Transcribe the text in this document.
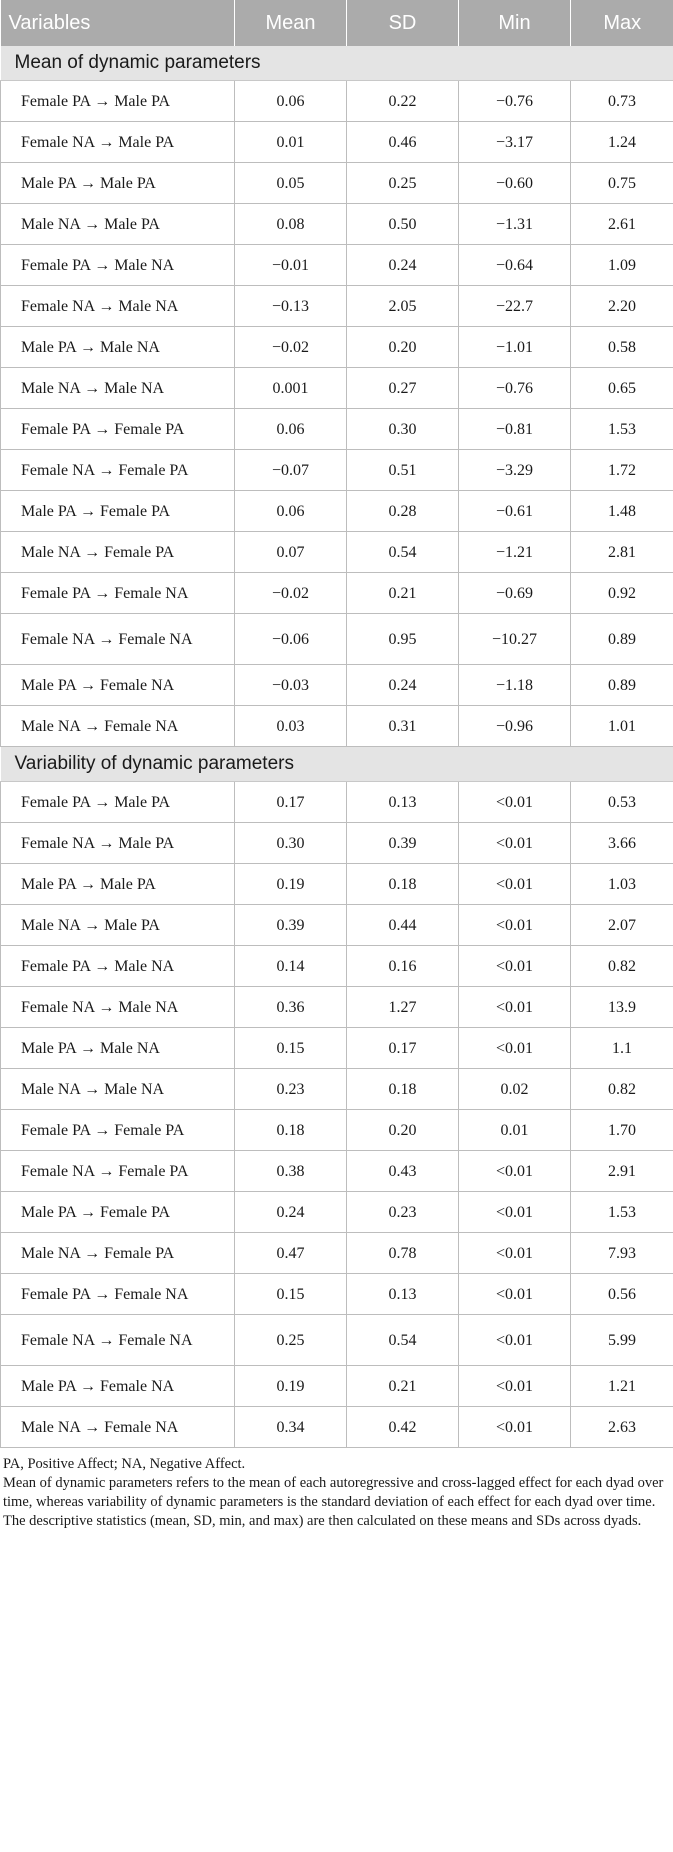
Variables	Mean	SD	Min	Max
Mean of dynamic parameters				
Female PA → Male PA	0.06	0.22	−0.76	0.73
Female NA → Male PA	0.01	0.46	−3.17	1.24
Male PA → Male PA	0.05	0.25	−0.60	0.75
Male NA → Male PA	0.08	0.50	−1.31	2.61
Female PA → Male NA	−0.01	0.24	−0.64	1.09
Female NA → Male NA	−0.13	2.05	−22.7	2.20
Male PA → Male NA	−0.02	0.20	−1.01	0.58
Male NA → Male NA	0.001	0.27	−0.76	0.65
Female PA → Female PA	0.06	0.30	−0.81	1.53
Female NA → Female PA	−0.07	0.51	−3.29	1.72
Male PA → Female PA	0.06	0.28	−0.61	1.48
Male NA → Female PA	0.07	0.54	−1.21	2.81
Female PA → Female NA	−0.02	0.21	−0.69	0.92
Female NA → Female NA	−0.06	0.95	−10.27	0.89
Male PA → Female NA	−0.03	0.24	−1.18	0.89
Male NA → Female NA	0.03	0.31	−0.96	1.01
Variability of dynamic parameters				
Female PA → Male PA	0.17	0.13	<0.01	0.53
Female NA → Male PA	0.30	0.39	<0.01	3.66
Male PA → Male PA	0.19	0.18	<0.01	1.03
Male NA → Male PA	0.39	0.44	<0.01	2.07
Female PA → Male NA	0.14	0.16	<0.01	0.82
Female NA → Male NA	0.36	1.27	<0.01	13.9
Male PA → Male NA	0.15	0.17	<0.01	1.1
Male NA → Male NA	0.23	0.18	0.02	0.82
Female PA → Female PA	0.18	0.20	0.01	1.70
Female NA → Female PA	0.38	0.43	<0.01	2.91
Male PA → Female PA	0.24	0.23	<0.01	1.53
Male NA → Female PA	0.47	0.78	<0.01	7.93
Female PA → Female NA	0.15	0.13	<0.01	0.56
Female NA → Female NA	0.25	0.54	<0.01	5.99
Male PA → Female NA	0.19	0.21	<0.01	1.21
Male NA → Female NA	0.34	0.42	<0.01	2.63

PA, Positive Affect; NA, Negative Affect.

Mean of dynamic parameters refers to the mean of each autoregressive and cross-lagged effect for each dyad over time, whereas variability of dynamic parameters is the standard deviation of each effect for each dyad over time. The descriptive statistics (mean, SD, min, and max) are then calculated on these means and SDs across dyads.
